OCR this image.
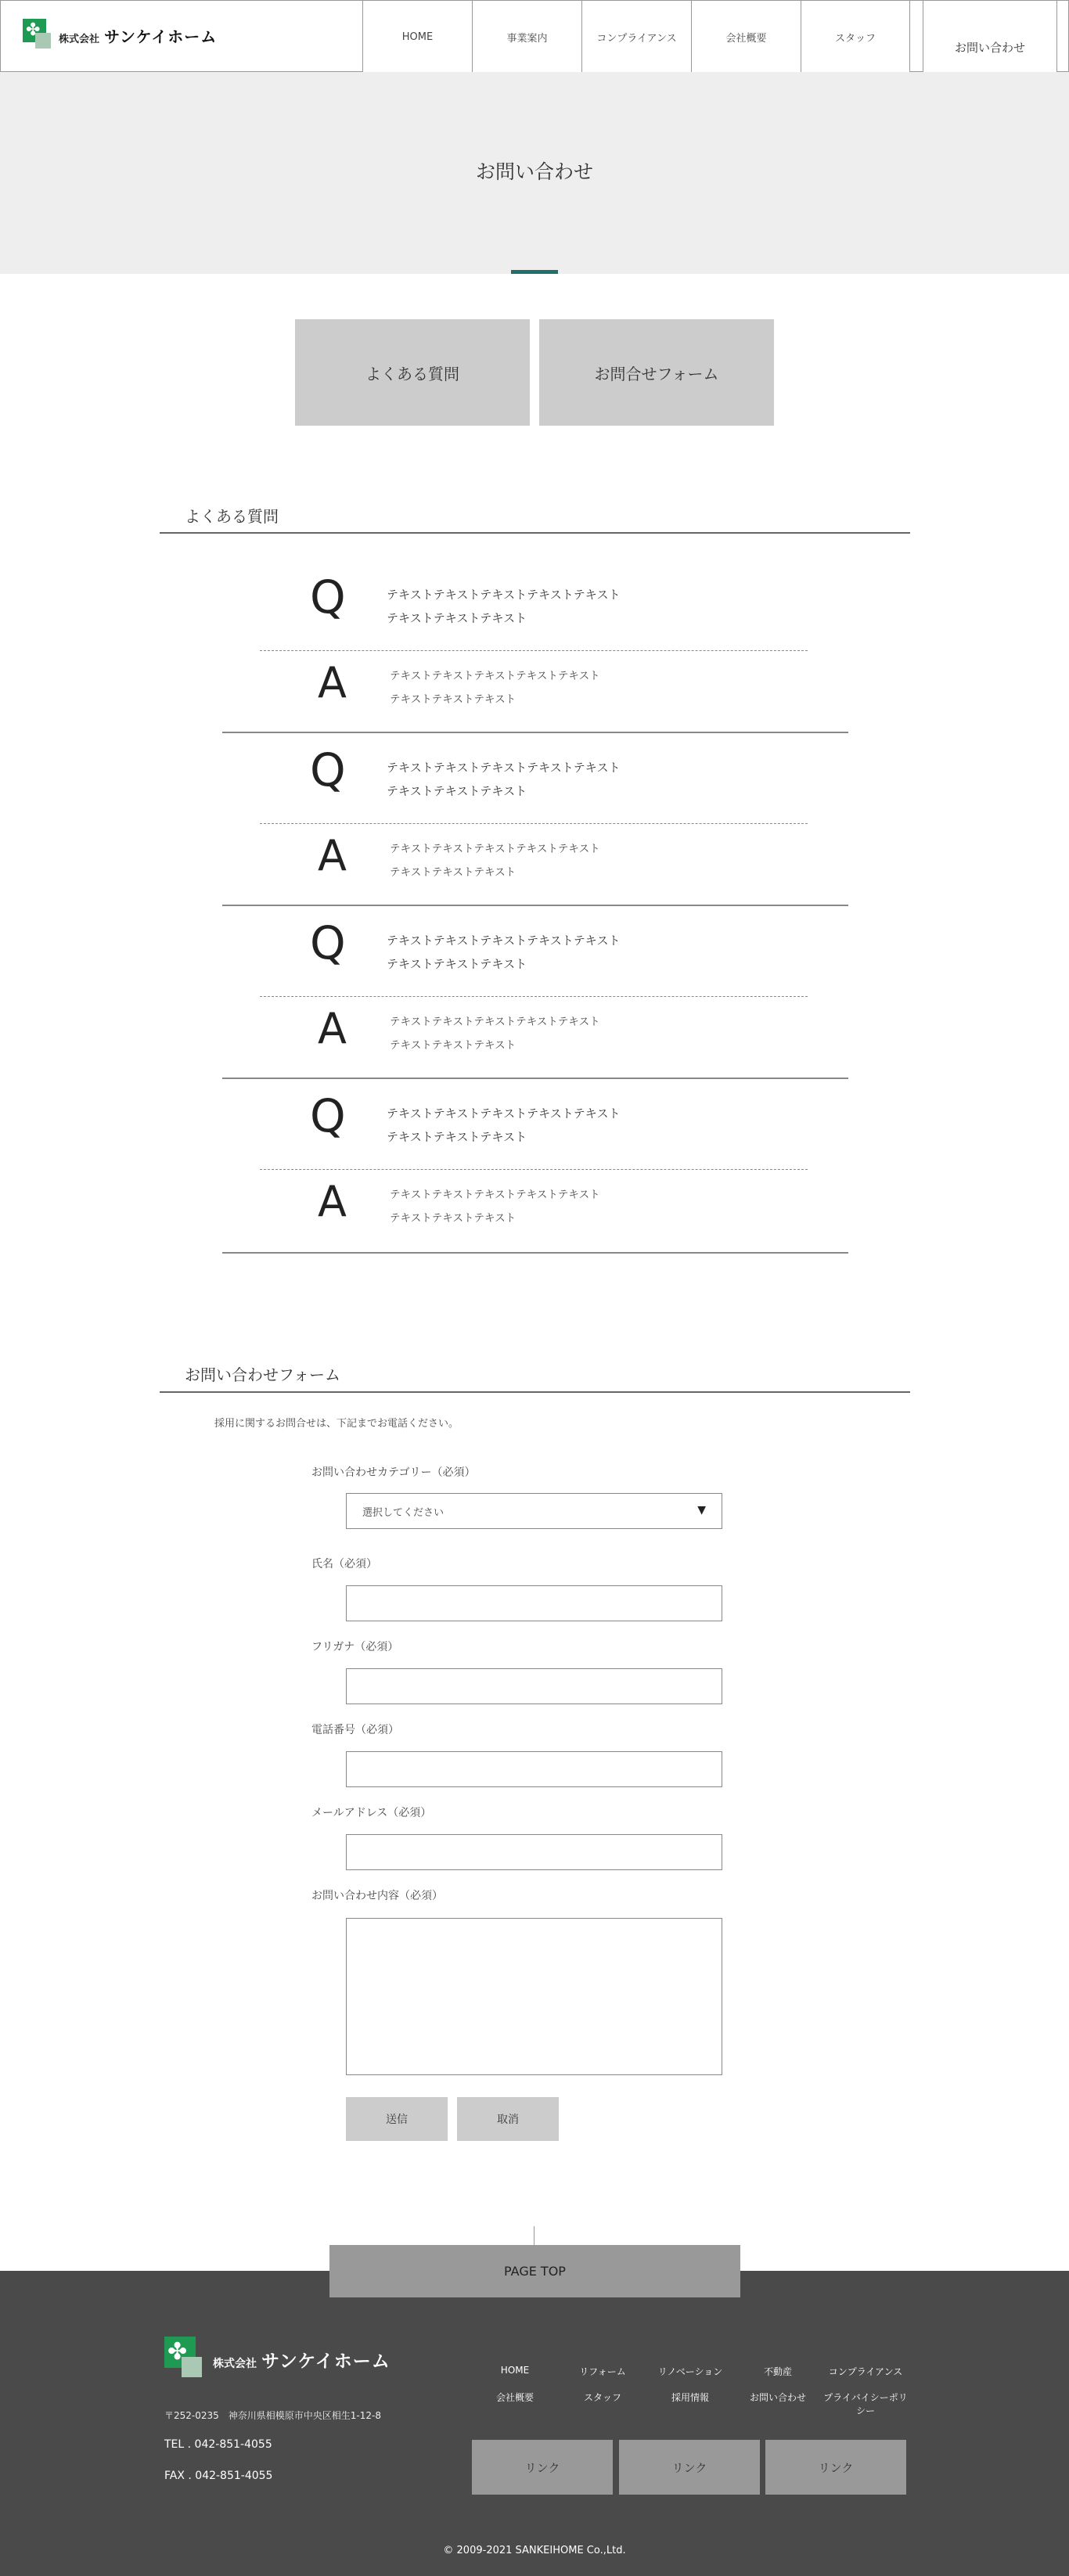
✤ 株式会社 サンケイホーム	HOME	事業案内	コンプライアンス	会社概要	スタッフ
お問い合わせ
お問い合わせ
よくある質問	お問合せフォーム
よくある質問
Q	テキストテキストテキストテキストテキスト
テキストテキストテキスト
A	テキストテキストテキストテキストテキスト
テキストテキストテキスト
Q	テキストテキストテキストテキストテキスト
テキストテキストテキスト
A	テキストテキストテキストテキストテキスト
テキストテキストテキスト
Q	テキストテキストテキストテキストテキスト
テキストテキストテキスト
A	テキストテキストテキストテキストテキスト
テキストテキストテキスト
Q	テキストテキストテキストテキストテキスト
テキストテキストテキスト
A	テキストテキストテキストテキストテキスト
テキストテキストテキスト
お問い合わせフォーム
採用に関するお問合せは、下記までお電話ください。
お問い合わせカテゴリー（必須）
選択してください	▼
氏名（必須）
フリガナ（必須）
電話番号（必須）
メールアドレス（必須）
お問い合わせ内容（必須）
送信	取消
PAGE TOP
✤ 株式会社 サンケイホーム
〒252-0235　神奈川県相模原市中央区相生1-12-8
TEL . 042-851-4055
FAX . 042-851-4055
HOME	リフォーム	リノベーション	不動産	コンプライアンス
会社概要	スタッフ	採用情報	お問い合わせ	プライバイシーポリシー
リンク	リンク	リンク
© 2009-2021 SANKEIHOME Co.,Ltd.
